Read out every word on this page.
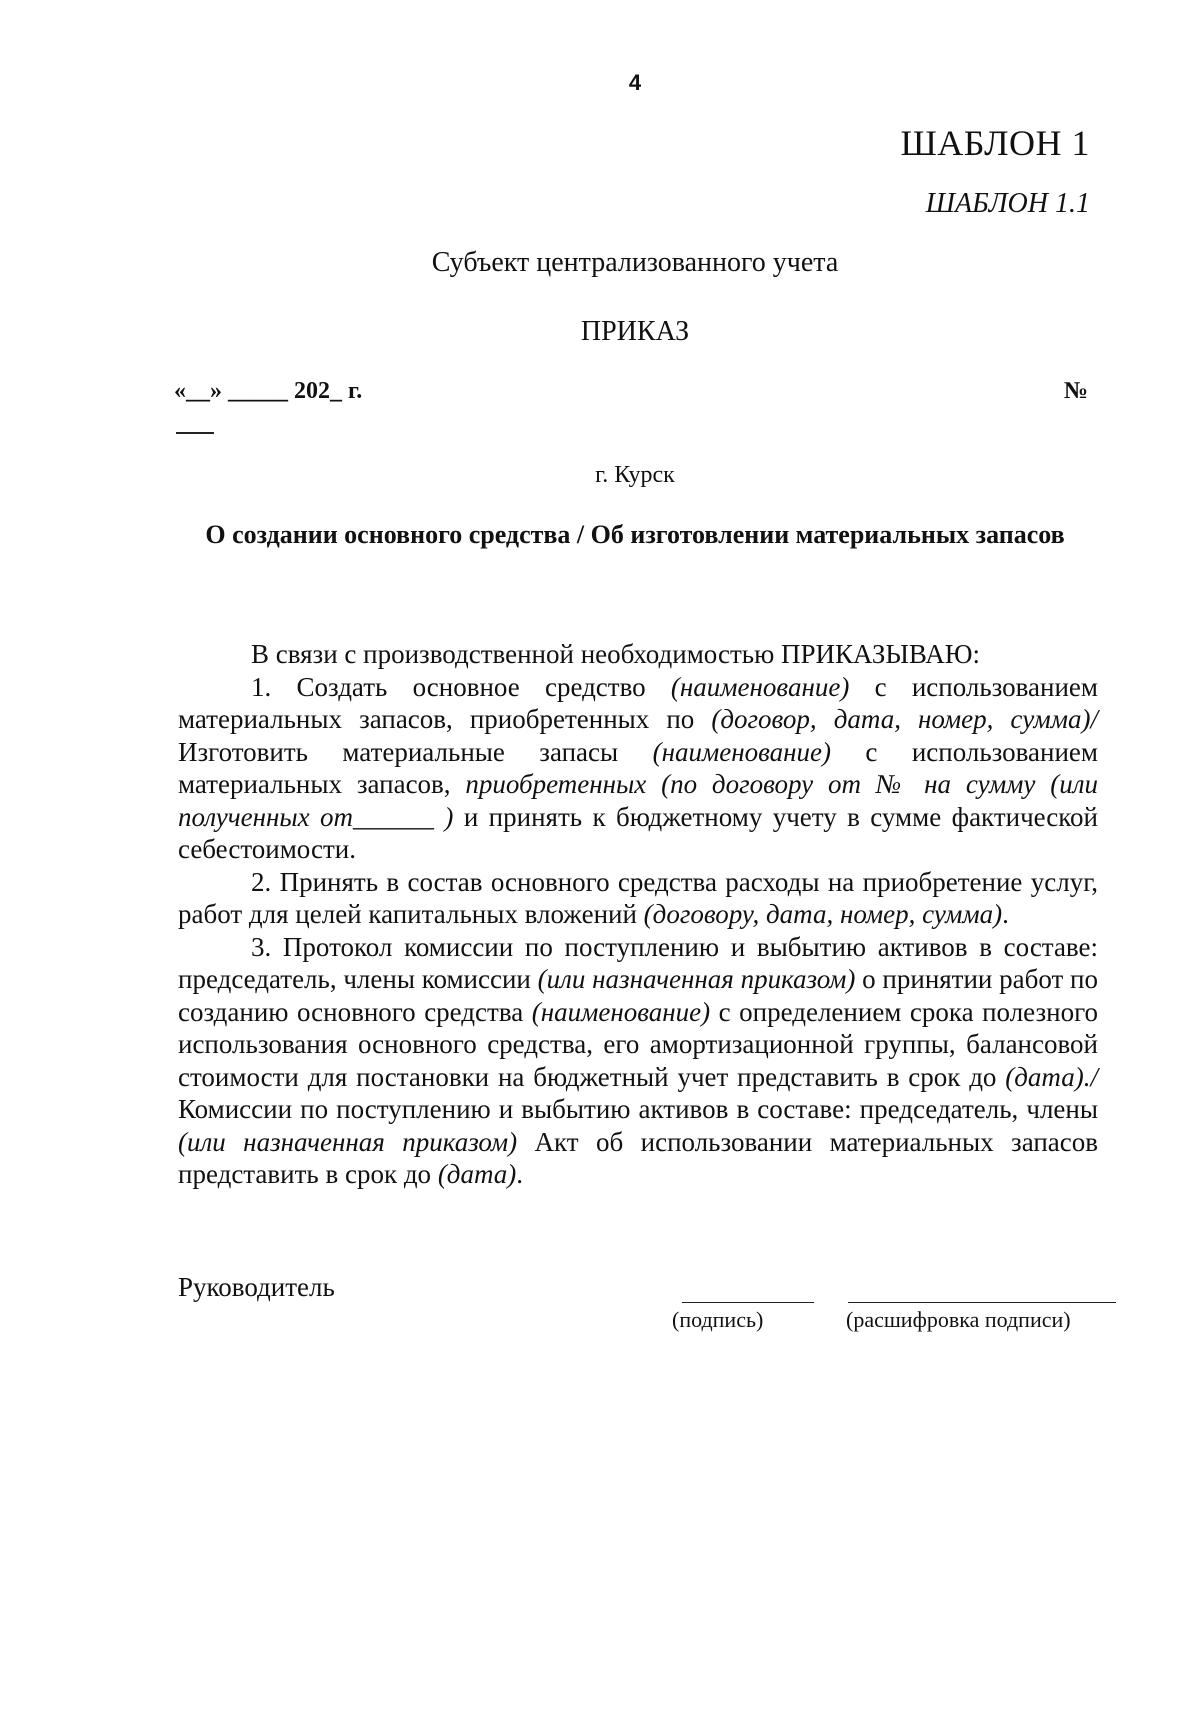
4
ШАБЛОН 1
ШАБЛОН 1.1
Субъект централизованного учета
ПРИКАЗ
«__» _____ 202_ г.	№
г. Курск
О создании основного средства / Об изготовлении материальных запасов

В связи с производственной необходимостью ПРИКАЗЫВАЮ:

1. Создать основное средство (наименование) с использованием материальных запасов, приобретенных по (договор, дата, номер, сумма)/ Изготовить материальные запасы (наименование) с использованием материальных запасов, приобретенных (по договору от № на сумму (или полученных от______ ) и принять к бюджетному учету в сумме фактической себестоимости.

2. Принять в состав основного средства расходы на приобретение услуг, работ для целей капитальных вложений (договору, дата, номер, сумма).

3. Протокол комиссии по поступлению и выбытию активов в составе: председатель, члены комиссии (или назначенная приказом) о принятии работ по созданию основного средства (наименование) с определением срока полезного использования основного средства, его амортизационной группы, балансовой стоимости для постановки на бюджетный учет представить в срок до (дата)./ Комиссии по поступлению и выбытию активов в составе: председатель, члены (или назначенная приказом) Акт об использовании материальных запасов представить в срок до (дата).

Руководитель
(подпись)	(расшифровка подписи)
